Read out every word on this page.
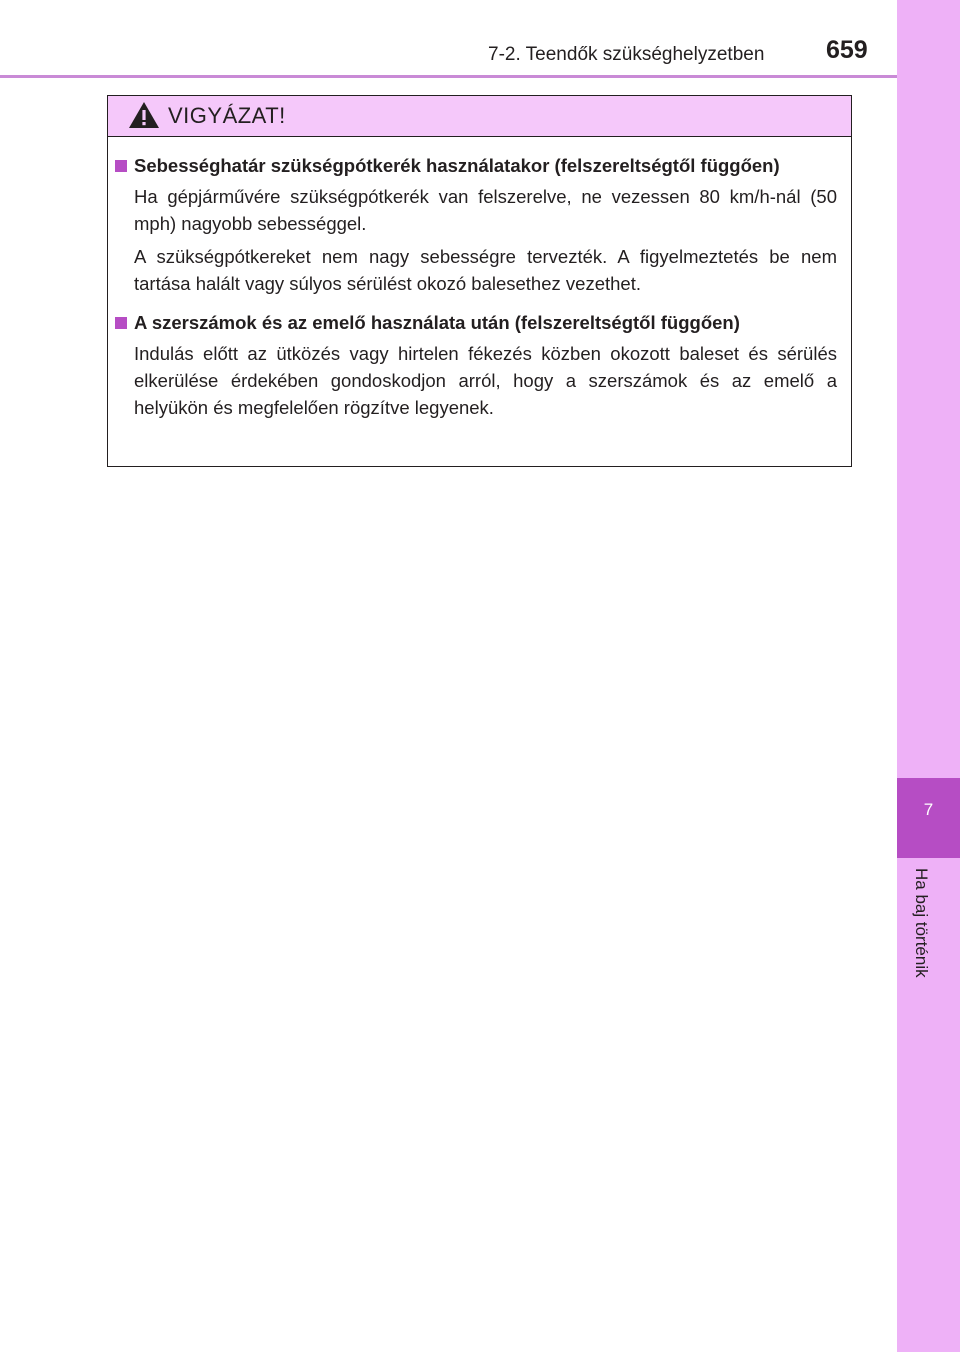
7-2. Teendők szükséghelyzetben 659
7
Ha baj történik
VIGYÁZAT!

Sebességhatár szükségpótkerék használatakor (felszereltségtől függően)

Ha gépjárművére szükségpótkerék van felszerelve, ne vezessen 80 km/h-nál (50 mph) nagyobb sebességgel.

A szükségpótkereket nem nagy sebességre tervezték. A figyelmeztetés be nem tartása halált vagy súlyos sérülést okozó balesethez vezethet.

A szerszámok és az emelő használata után (felszereltségtől függően)

Indulás előtt az ütközés vagy hirtelen fékezés közben okozott baleset és sérülés elkerülése érdekében gondoskodjon arról, hogy a szerszámok és az emelő a helyükön és megfelelően rögzítve legyenek.
